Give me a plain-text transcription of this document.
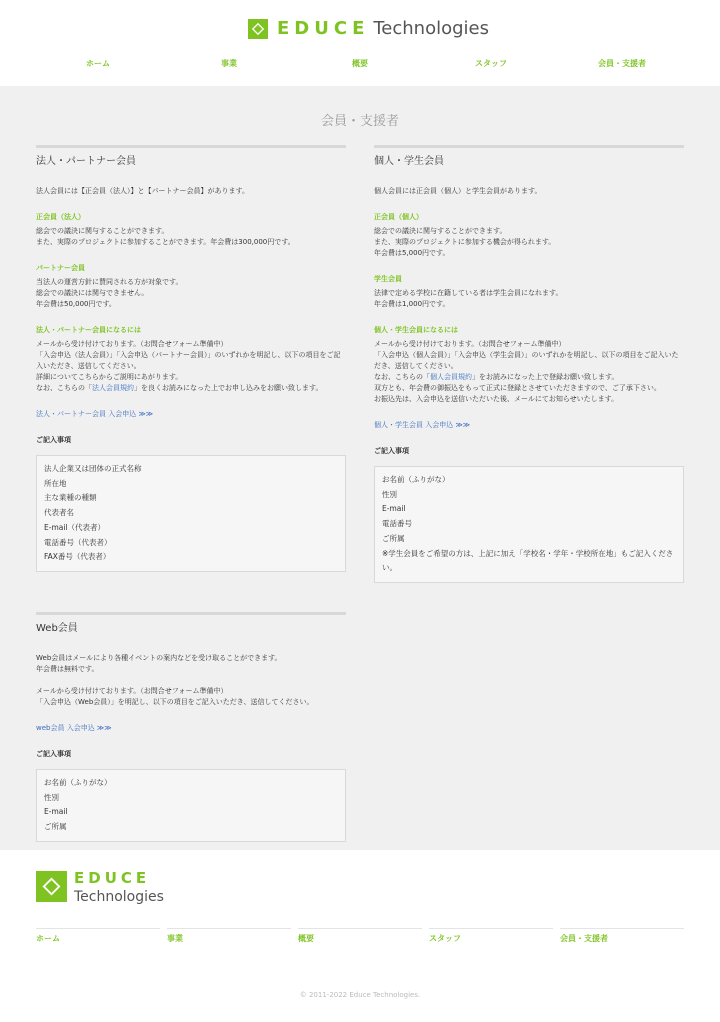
EDUCE Technologies
ホーム	事業	概要	スタッフ	会員・支援者
会員・支援者
法人・パートナー会員
法人会員には【正会員（法人）】と【パートナー会員】があります。
正会員（法人）
総会での議決に関与することができます。
また、実際のプロジェクトに参加することができます。年会費は300,000円です。
パートナー会員
当法人の運営方針に賛同される方が対象です。
総会での議決には関与できません。
年会費は50,000円です。
法人・パートナー会員になるには
メールから受け付けております。（お問合せフォーム準備中）
「入会申込（法人会員）」「入会申込（パートナー会員）」のいずれかを明記し、以下の項目をご記入いただき、送信してください。
詳細についてこちらからご説明にあがります。
なお、こちらの「法人会員規約」を良くお読みになった上でお申し込みをお願い致します。
法人・パートナー会員 入会申込 ≫≫
ご記入事項
法人企業又は団体の正式名称
所在地
主な業種の種類
代表者名
E-mail（代表者）
電話番号（代表者）
FAX番号（代表者）
個人・学生会員
個人会員には正会員（個人）と学生会員があります。
正会員（個人）
総会での議決に関与することができます。
また、実際のプロジェクトに参加する機会が得られます。
年会費は5,000円です。
学生会員
法律で定める学校に在籍している者は学生会員になれます。
年会費は1,000円です。
個人・学生会員になるには
メールから受け付けております。（お問合せフォーム準備中）
「入会申込（個人会員）」「入会申込（学生会員）」のいずれかを明記し、以下の項目をご記入いただき、送信してください。
なお、こちらの「個人会員規約」をお読みになった上で登録お願い致します。
双方とも、年会費の御振込をもって正式に登録とさせていただきますので、ご了承下さい。
お振込先は、入会申込を送信いただいた後、メールにてお知らせいたします。
個人・学生会員 入会申込 ≫≫
ご記入事項
お名前（ふりがな）
性別
E-mail
電話番号
ご所属
※学生会員をご希望の方は、上記に加え「学校名・学年・学校所在地」もご記入ください。
Web会員
Web会員はメールにより各種イベントの案内などを受け取ることができます。
年会費は無料です。
メールから受け付けております。（お問合せフォーム準備中）
「入会申込（Web会員）」を明記し、以下の項目をご記入いただき、送信してください。
web会員 入会申込 ≫≫
ご記入事項
お名前（ふりがな）
性別
E-mail
ご所属
EDUCE
Technologies
ホーム	事業	概要	スタッフ	会員・支援者
© 2011-2022 Educe Technologies.
